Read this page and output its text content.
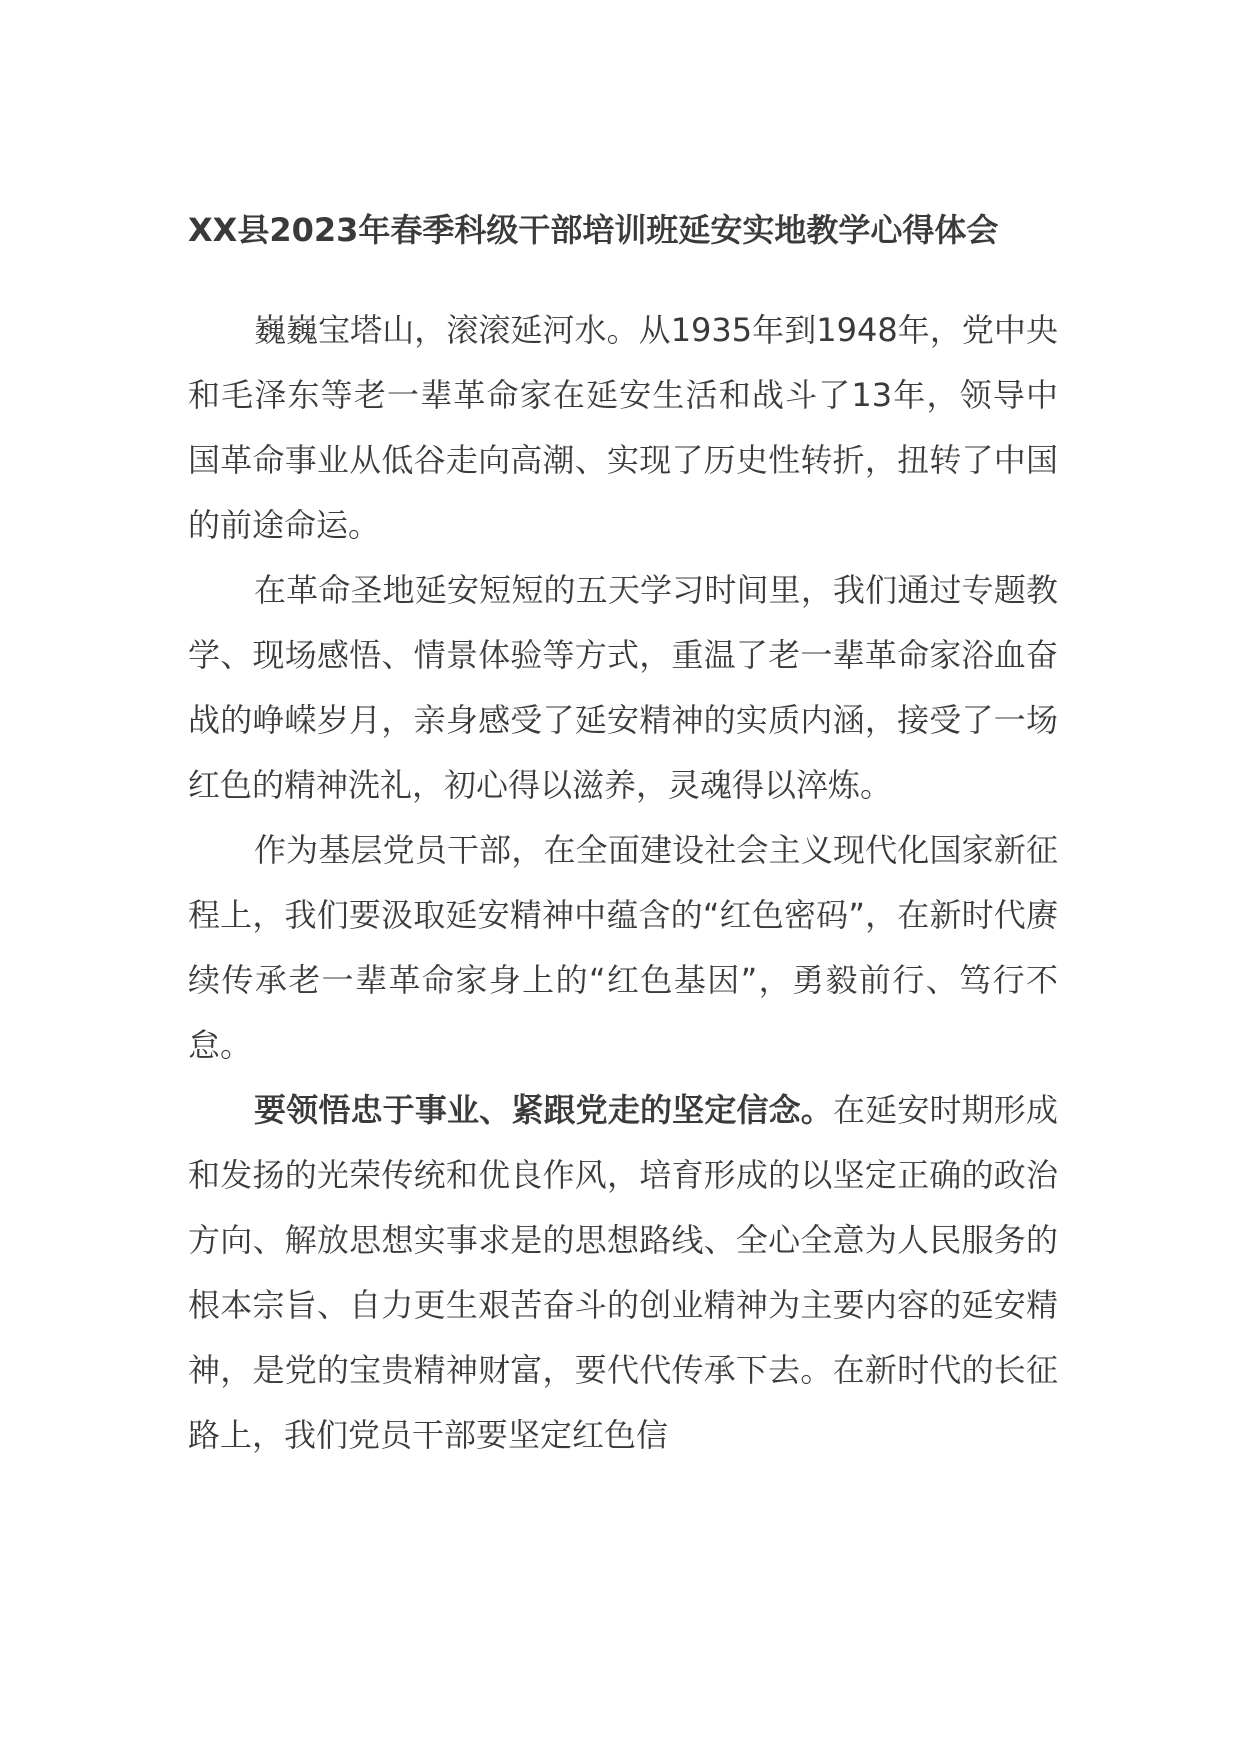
XX县2023年春季科级干部培训班延安实地教学心得体会

巍巍宝塔山，滚滚延河水。从1935年到1948年，党中央和毛泽东等老一辈革命家在延安生活和战斗了13年，领导中国革命事业从低谷走向高潮、实现了历史性转折，扭转了中国的前途命运。

在革命圣地延安短短的五天学习时间里，我们通过专题教学、现场感悟、情景体验等方式，重温了老一辈革命家浴血奋战的峥嵘岁月，亲身感受了延安精神的实质内涵，接受了一场红色的精神洗礼，初心得以滋养，灵魂得以淬炼。

作为基层党员干部，在全面建设社会主义现代化国家新征程上，我们要汲取延安精神中蕴含的“红色密码”，在新时代赓续传承老一辈革命家身上的“红色基因”，勇毅前行、笃行不怠。

要领悟忠于事业、紧跟党走的坚定信念。在延安时期形成和发扬的光荣传统和优良作风，培育形成的以坚定正确的政治方向、解放思想实事求是的思想路线、全心全意为人民服务的根本宗旨、自力更生艰苦奋斗的创业精神为主要内容的延安精神，是党的宝贵精神财富，要代代传承下去。在新时代的长征路上，我们党员干部要坚定红色信
